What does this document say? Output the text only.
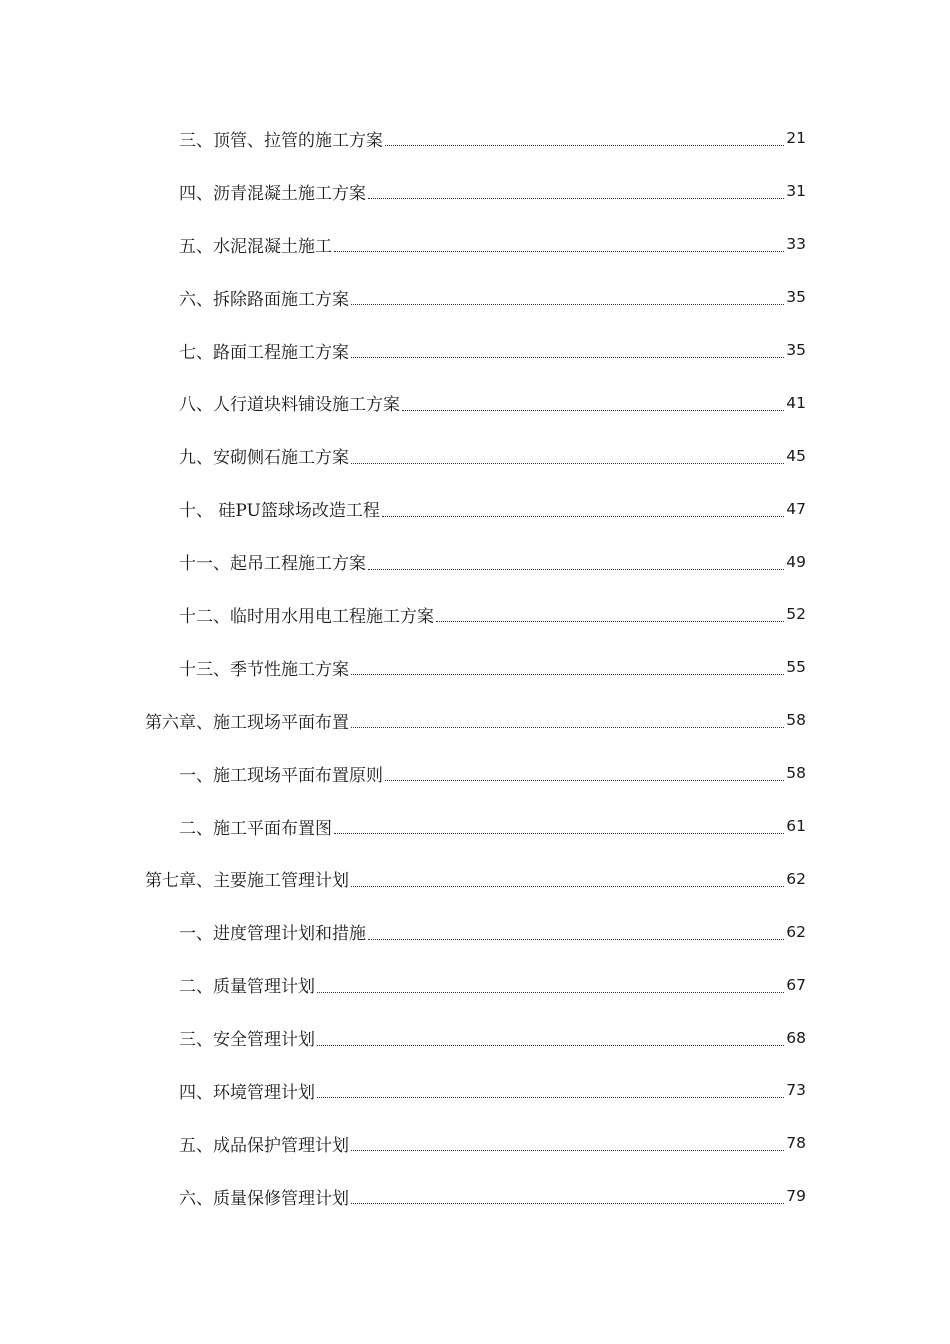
三、顶管、拉管的施工方案	21
四、沥青混凝土施工方案	31
五、水泥混凝土施工	33
六、拆除路面施工方案	35
七、路面工程施工方案	35
八、人行道块料铺设施工方案	41
九、安砌侧石施工方案	45
十、 硅PU篮球场改造工程	47
十一、起吊工程施工方案	49
十二、临时用水用电工程施工方案	52
十三、季节性施工方案	55
第六章、施工现场平面布置	58
一、施工现场平面布置原则	58
二、施工平面布置图	61
第七章、主要施工管理计划	62
一、进度管理计划和措施	62
二、质量管理计划	67
三、安全管理计划	68
四、环境管理计划	73
五、成品保护管理计划	78
六、质量保修管理计划	79
